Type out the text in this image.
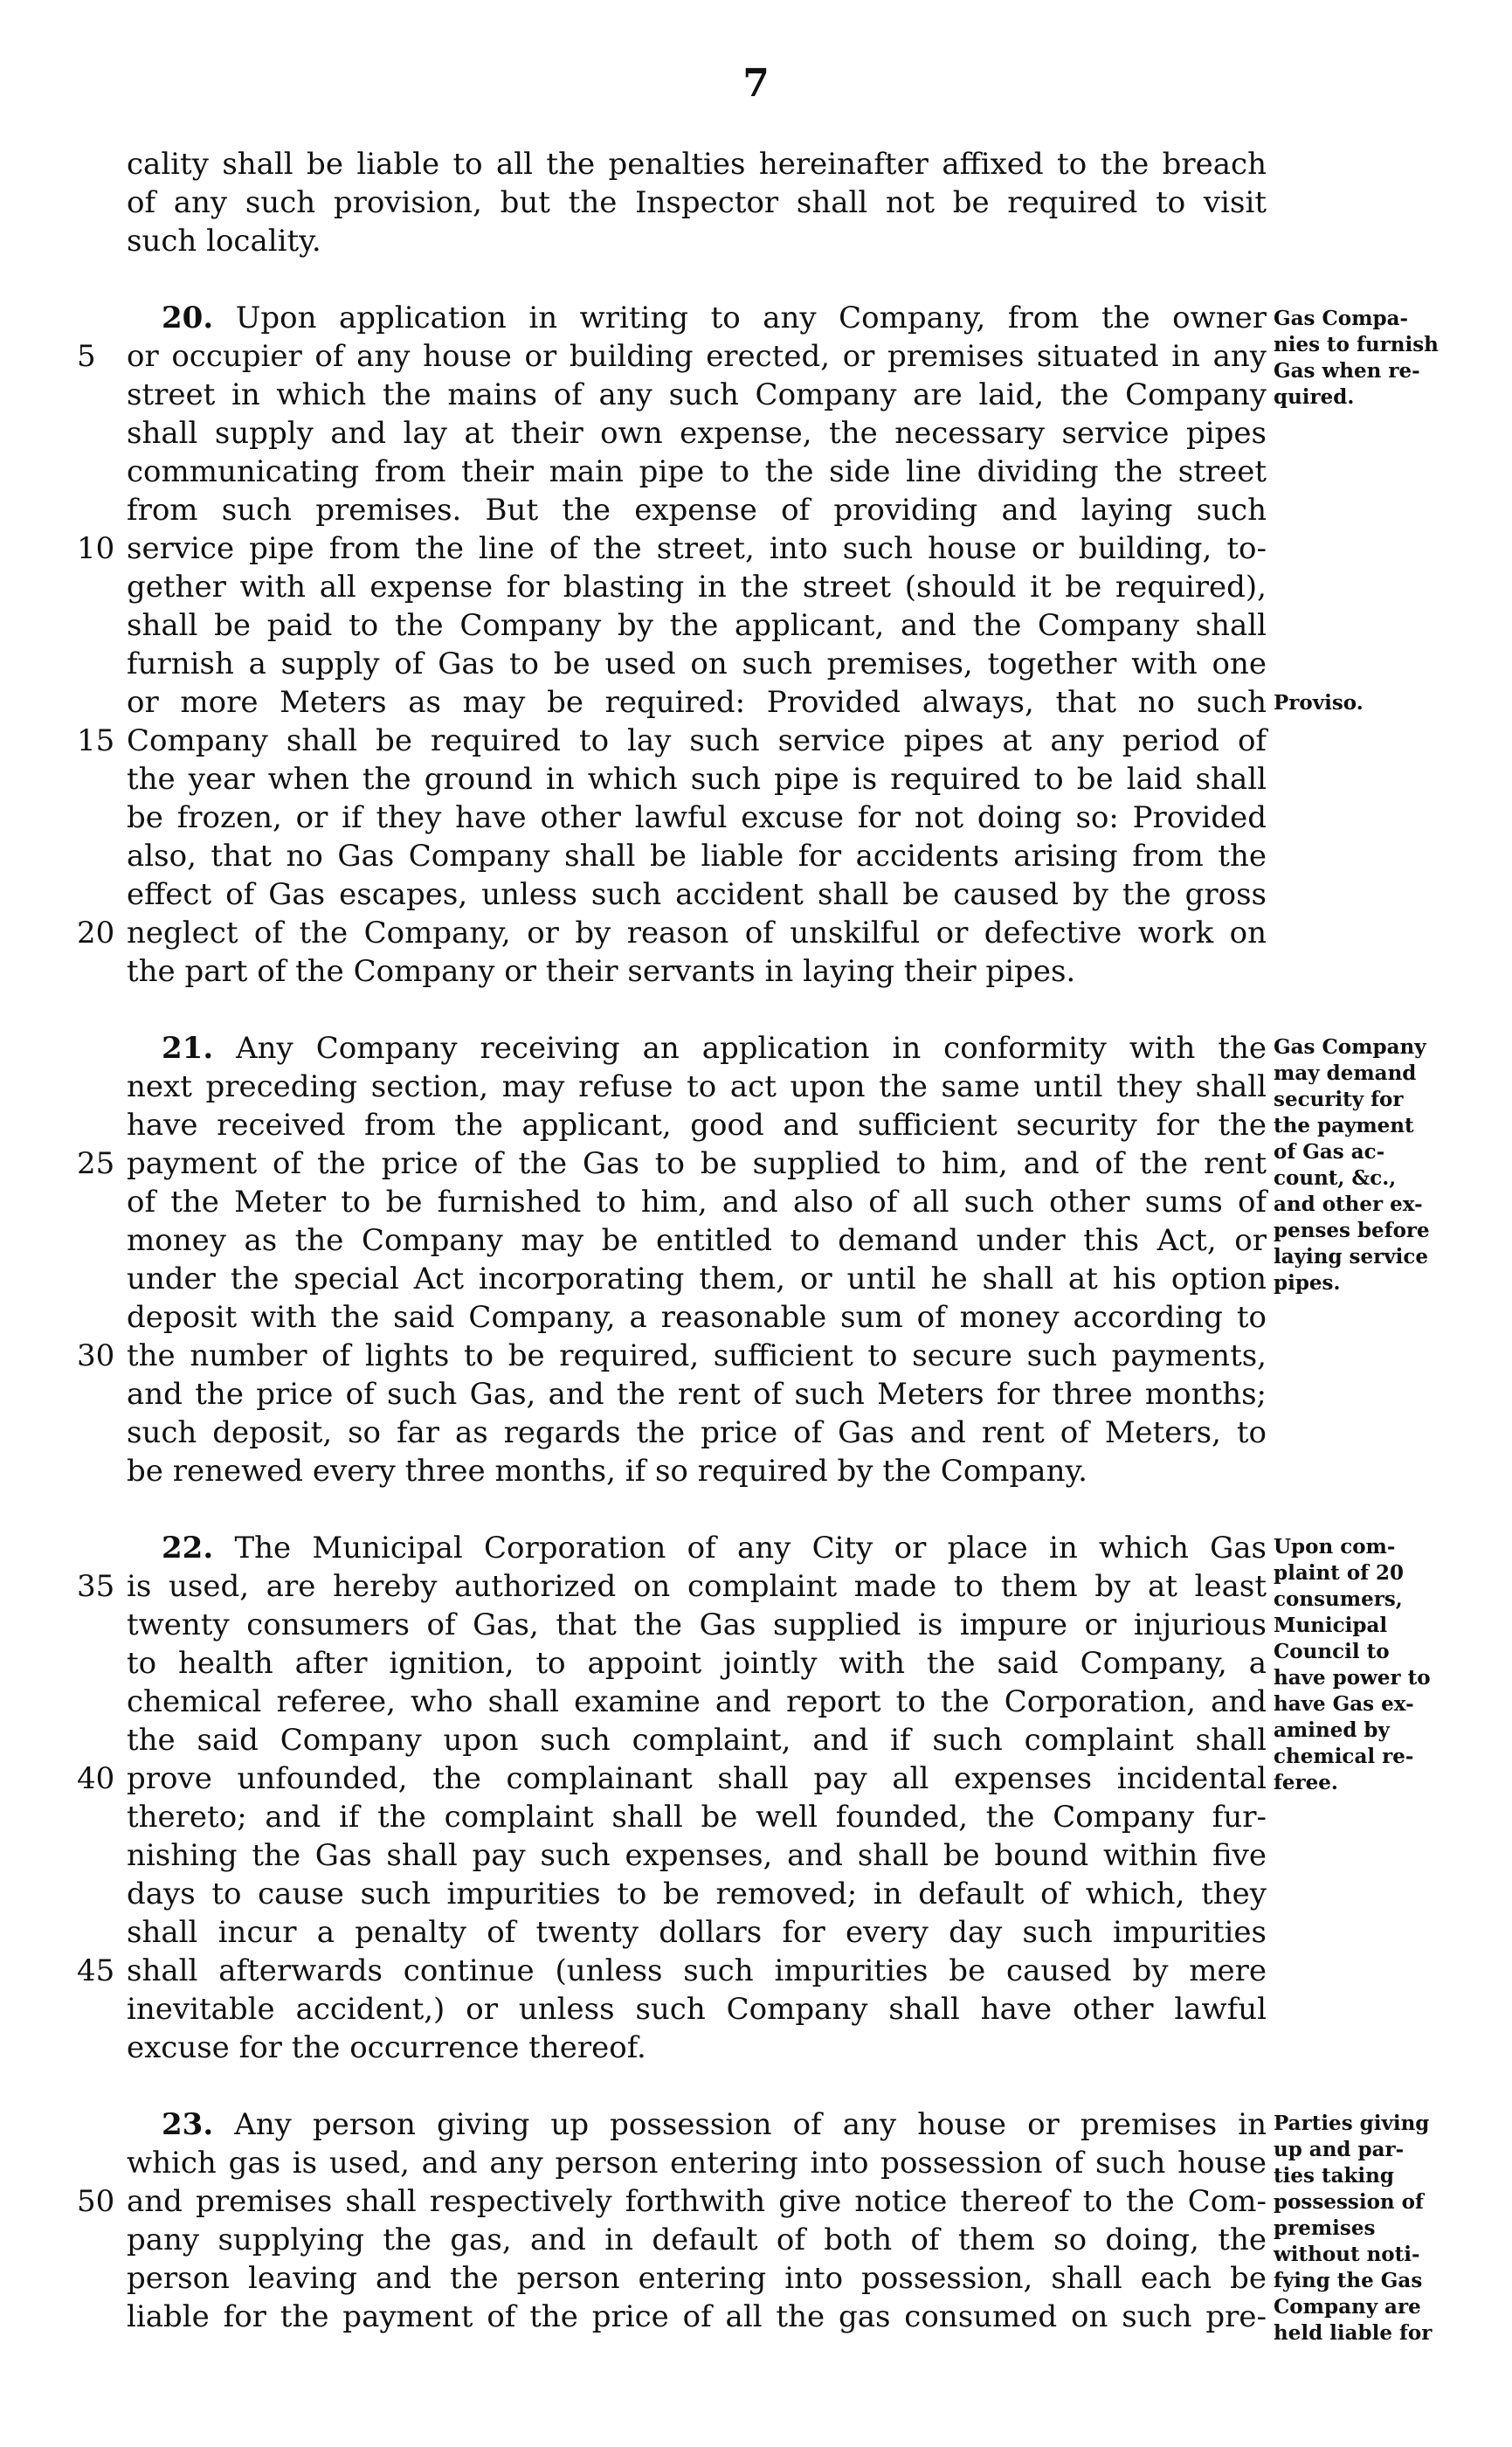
7
5
10
15
20
25
30
35
40
45
50
cality shall be liable to all the penalties hereinafter affixed to the breach
of any such provision, but the Inspector shall not be required to visit
such locality.
20. Upon application in writing to any Company, from the owner
or occupier of any house or building erected, or premises situated in any
street in which the mains of any such Company are laid, the Company
shall supply and lay at their own expense, the necessary service pipes
communicating from their main pipe to the side line dividing the street
from such premises. But the expense of providing and laying such
service pipe from the line of the street, into such house or building, to-
gether with all expense for blasting in the street (should it be required),
shall be paid to the Company by the applicant, and the Company shall
furnish a supply of Gas to be used on such premises, together with one
or more Meters as may be required: Provided always, that no such
Company shall be required to lay such service pipes at any period of
the year when the ground in which such pipe is required to be laid shall
be frozen, or if they have other lawful excuse for not doing so: Provided
also, that no Gas Company shall be liable for accidents arising from the
effect of Gas escapes, unless such accident shall be caused by the gross
neglect of the Company, or by reason of unskilful or defective work on
the part of the Company or their servants in laying their pipes.
21. Any Company receiving an application in conformity with the
next preceding section, may refuse to act upon the same until they shall
have received from the applicant, good and sufficient security for the
payment of the price of the Gas to be supplied to him, and of the rent
of the Meter to be furnished to him, and also of all such other sums of
money as the Company may be entitled to demand under this Act, or
under the special Act incorporating them, or until he shall at his option
deposit with the said Company, a reasonable sum of money according to
the number of lights to be required, sufficient to secure such payments,
and the price of such Gas, and the rent of such Meters for three months;
such deposit, so far as regards the price of Gas and rent of Meters, to
be renewed every three months, if so required by the Company.
22. The Municipal Corporation of any City or place in which Gas
is used, are hereby authorized on complaint made to them by at least
twenty consumers of Gas, that the Gas supplied is impure or injurious
to health after ignition, to appoint jointly with the said Company, a
chemical referee, who shall examine and report to the Corporation, and
the said Company upon such complaint, and if such complaint shall
prove unfounded, the complainant shall pay all expenses incidental
thereto; and if the complaint shall be well founded, the Company fur-
nishing the Gas shall pay such expenses, and shall be bound within five
days to cause such impurities to be removed; in default of which, they
shall incur a penalty of twenty dollars for every day such impurities
shall afterwards continue (unless such impurities be caused by mere
inevitable accident,) or unless such Company shall have other lawful
excuse for the occurrence thereof.
23. Any person giving up possession of any house or premises in
which gas is used, and any person entering into possession of such house
and premises shall respectively forthwith give notice thereof to the Com-
pany supplying the gas, and in default of both of them so doing, the
person leaving and the person entering into possession, shall each be
liable for the payment of the price of all the gas consumed on such pre-
Gas Compa-
nies to furnish
Gas when re-
quired.
Proviso.
Gas Company
may demand
security for
the payment
of Gas ac-
count, &c.,
and other ex-
penses before
laying service
pipes.
Upon com-
plaint of 20
consumers,
Municipal
Council to
have power to
have Gas ex-
amined by
chemical re-
feree.
Parties giving
up and par-
ties taking
possession of
premises
without noti-
fying the Gas
Company are
held liable for
